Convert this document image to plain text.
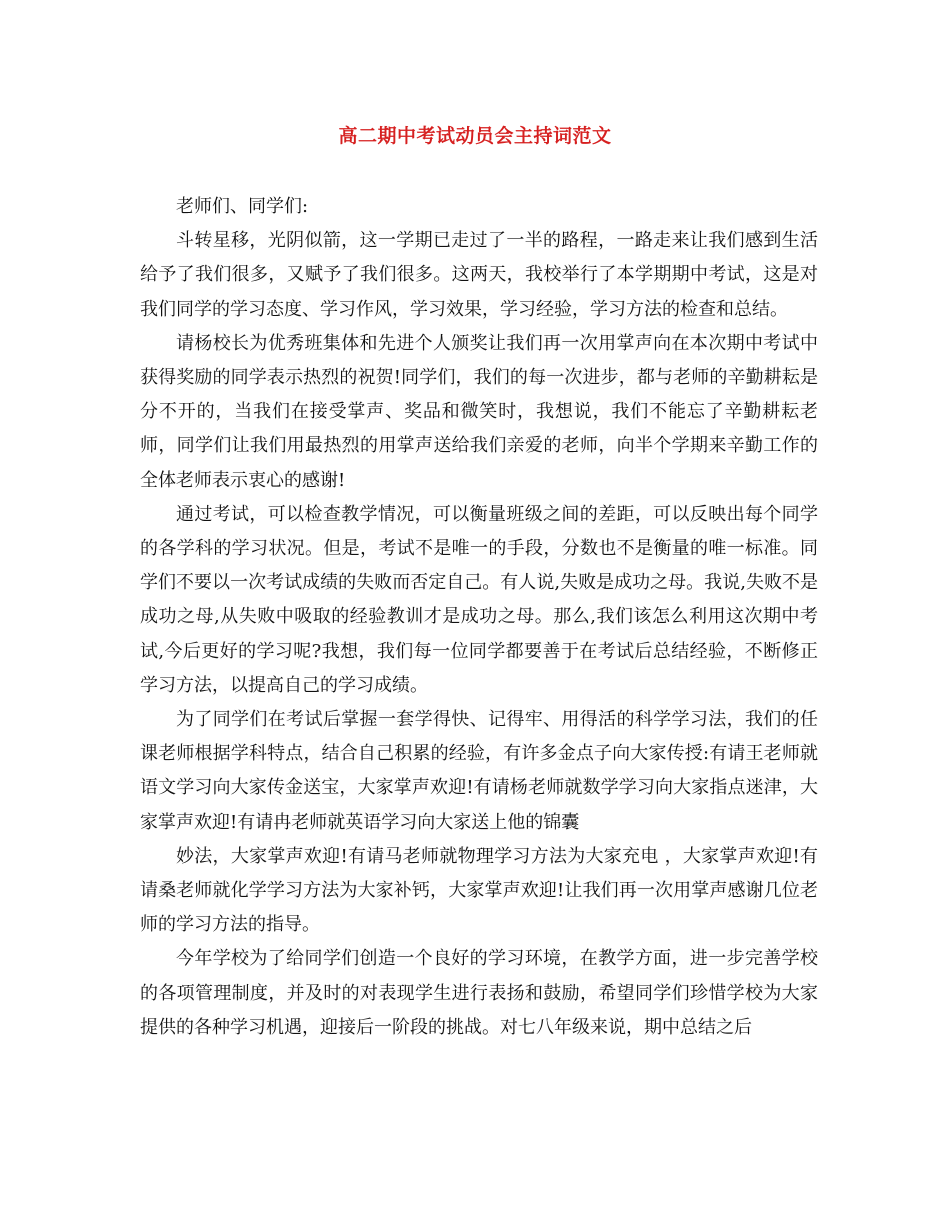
高二期中考试动员会主持词范文

老师们、同学们:

斗转星移，光阴似箭，这一学期已走过了一半的路程，一路走来让我们感到生活给予了我们很多，又赋予了我们很多。这两天，我校举行了本学期期中考试，这是对我们同学的学习态度、学习作风，学习效果，学习经验，学习方法的检查和总结。

请杨校长为优秀班集体和先进个人颁奖让我们再一次用掌声向在本次期中考试中获得奖励的同学表示热烈的祝贺!同学们，我们的每一次进步，都与老师的辛勤耕耘是分不开的，当我们在接受掌声、奖品和微笑时，我想说，我们不能忘了辛勤耕耘老师，同学们让我们用最热烈的用掌声送给我们亲爱的老师，向半个学期来辛勤工作的全体老师表示衷心的感谢!

通过考试，可以检查教学情况，可以衡量班级之间的差距，可以反映出每个同学的各学科的学习状况。但是，考试不是唯一的手段，分数也不是衡量的唯一标准。同学们不要以一次考试成绩的失败而否定自己。有人说,失败是成功之母。我说,失败不是成功之母,从失败中吸取的经验教训才是成功之母。那么,我们该怎么利用这次期中考试,今后更好的学习呢?我想，我们每一位同学都要善于在考试后总结经验，不断修正学习方法，以提高自己的学习成绩。

为了同学们在考试后掌握一套学得快、记得牢、用得活的科学学习法，我们的任课老师根据学科特点，结合自己积累的经验，有许多金点子向大家传授:有请王老师就语文学习向大家传金送宝，大家掌声欢迎!有请杨老师就数学学习向大家指点迷津，大家掌声欢迎!有请冉老师就英语学习向大家送上他的锦囊

妙法，大家掌声欢迎!有请马老师就物理学习方法为大家充电 ，大家掌声欢迎!有请桑老师就化学学习方法为大家补钙，大家掌声欢迎!让我们再一次用掌声感谢几位老师的学习方法的指导。

今年学校为了给同学们创造一个良好的学习环境，在教学方面，进一步完善学校的各项管理制度，并及时的对表现学生进行表扬和鼓励，希望同学们珍惜学校为大家提供的各种学习机遇，迎接后一阶段的挑战。对七八年级来说，期中总结之后
